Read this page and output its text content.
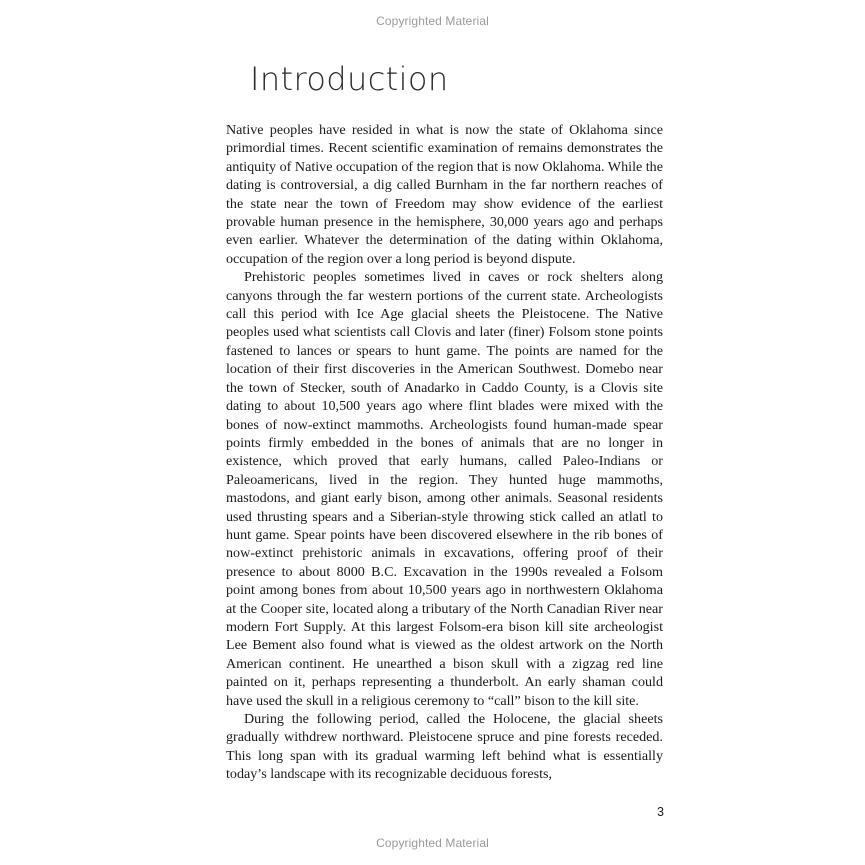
Copyrighted Material
Introduction

Native peoples have resided in what is now the state of Oklahoma since primordial times. Recent scientific examination of remains demonstrates the antiquity of Native occupation of the region that is now Oklahoma. While the dating is controversial, a dig called Burnham in the far northern reaches of the state near the town of Freedom may show evidence of the earliest provable human presence in the hemisphere, 30,000 years ago and perhaps even earlier. Whatever the determination of the dating within Oklahoma, occupation of the region over a long period is beyond dispute.

Prehistoric peoples sometimes lived in caves or rock shelters along canyons through the far western portions of the current state. Archeologists call this period with Ice Age glacial sheets the Pleistocene. The Native peoples used what scientists call Clovis and later (finer) Folsom stone points fastened to lances or spears to hunt game. The points are named for the location of their first discoveries in the American Southwest. Domebo near the town of Stecker, south of Anadarko in Caddo County, is a Clovis site dating to about 10,500 years ago where flint blades were mixed with the bones of now-extinct mammoths. Archeologists found human-made spear points firmly embedded in the bones of animals that are no longer in existence, which proved that early humans, called Paleo-Indians or Paleoamericans, lived in the region. They hunted huge mammoths, mastodons, and giant early bison, among other animals. Seasonal residents used thrusting spears and a Siberian-style throwing stick called an atlatl to hunt game. Spear points have been discovered elsewhere in the rib bones of now-extinct prehistoric animals in excavations, offering proof of their presence to about 8000 B.C. Excavation in the 1990s revealed a Folsom point among bones from about 10,500 years ago in northwestern Oklahoma at the Cooper site, located along a tributary of the North Canadian River near modern Fort Supply. At this largest Folsom-era bison kill site archeologist Lee Bement also found what is viewed as the oldest artwork on the North American continent. He unearthed a bison skull with a zigzag red line painted on it, perhaps representing a thunderbolt. An early shaman could have used the skull in a religious ceremony to “call” bison to the kill site.

During the following period, called the Holocene, the glacial sheets gradually withdrew northward. Pleistocene spruce and pine forests receded. This long span with its gradual warming left behind what is essentially today’s landscape with its recognizable deciduous forests,

3
Copyrighted Material
